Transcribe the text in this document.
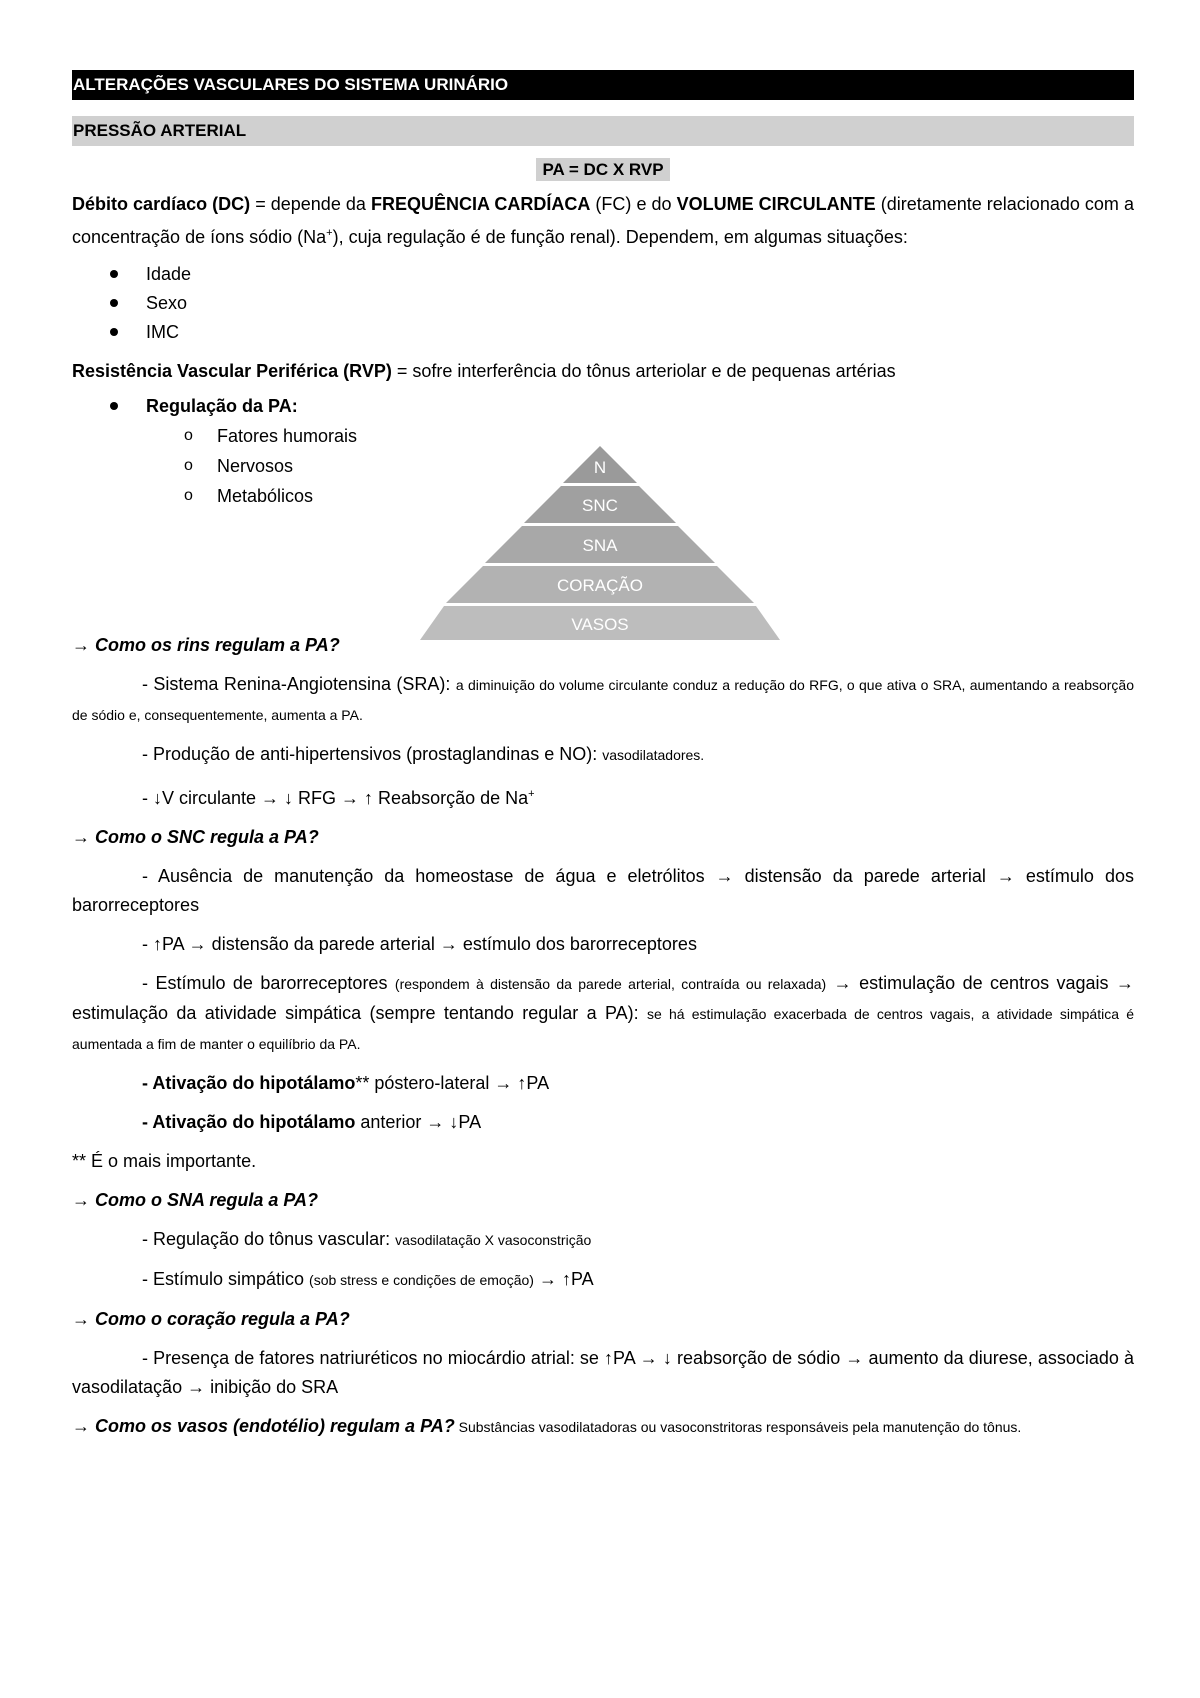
ALTERAÇÕES VASCULARES DO SISTEMA URINÁRIO
PRESSÃO ARTERIAL
PA = DC X RVP

Débito cardíaco (DC) = depende da FREQUÊNCIA CARDÍACA (FC) e do VOLUME CIRCULANTE (diretamente relacionado com a concentração de íons sódio (Na+), cuja regulação é de função renal). Dependem, em algumas situações:

Idade
Sexo
IMC

Resistência Vascular Periférica (RVP) = sofre interferência do tônus arteriolar e de pequenas artérias

Regulação da PA:
o Fatores humorais
o Nervosos
o Metabólicos

→ Como os rins regulam a PA?

- Sistema Renina-Angiotensina (SRA): a diminuição do volume circulante conduz a redução do RFG, o que ativa o SRA, aumentando a reabsorção de sódio e, consequentemente, aumenta a PA.

- Produção de anti-hipertensivos (prostaglandinas e NO): vasodilatadores.

- ↓V circulante → ↓ RFG → ↑ Reabsorção de Na+

→ Como o SNC regula a PA?

- Ausência de manutenção da homeostase de água e eletrólitos → distensão da parede arterial → estímulo dos barorreceptores

- ↑PA → distensão da parede arterial → estímulo dos barorreceptores

- Estímulo de barorreceptores (respondem à distensão da parede arterial, contraída ou relaxada) → estimulação de centros vagais → estimulação da atividade simpática (sempre tentando regular a PA): se há estimulação exacerbada de centros vagais, a atividade simpática é aumentada a fim de manter o equilíbrio da PA.

- Ativação do hipotálamo** póstero-lateral → ↑PA

- Ativação do hipotálamo anterior → ↓PA

** É o mais importante.

→ Como o SNA regula a PA?

- Regulação do tônus vascular: vasodilatação X vasoconstrição

- Estímulo simpático (sob stress e condições de emoção) → ↑PA

→ Como o coração regula a PA?

- Presença de fatores natriuréticos no miocárdio atrial: se ↑PA → ↓ reabsorção de sódio → aumento da diurese, associado à vasodilatação → inibição do SRA

→ Como os vasos (endotélio) regulam a PA? Substâncias vasodilatadoras ou vasoconstritoras responsáveis pela manutenção do tônus.

N
SNC
SNA
CORAÇÃO
VASOS
